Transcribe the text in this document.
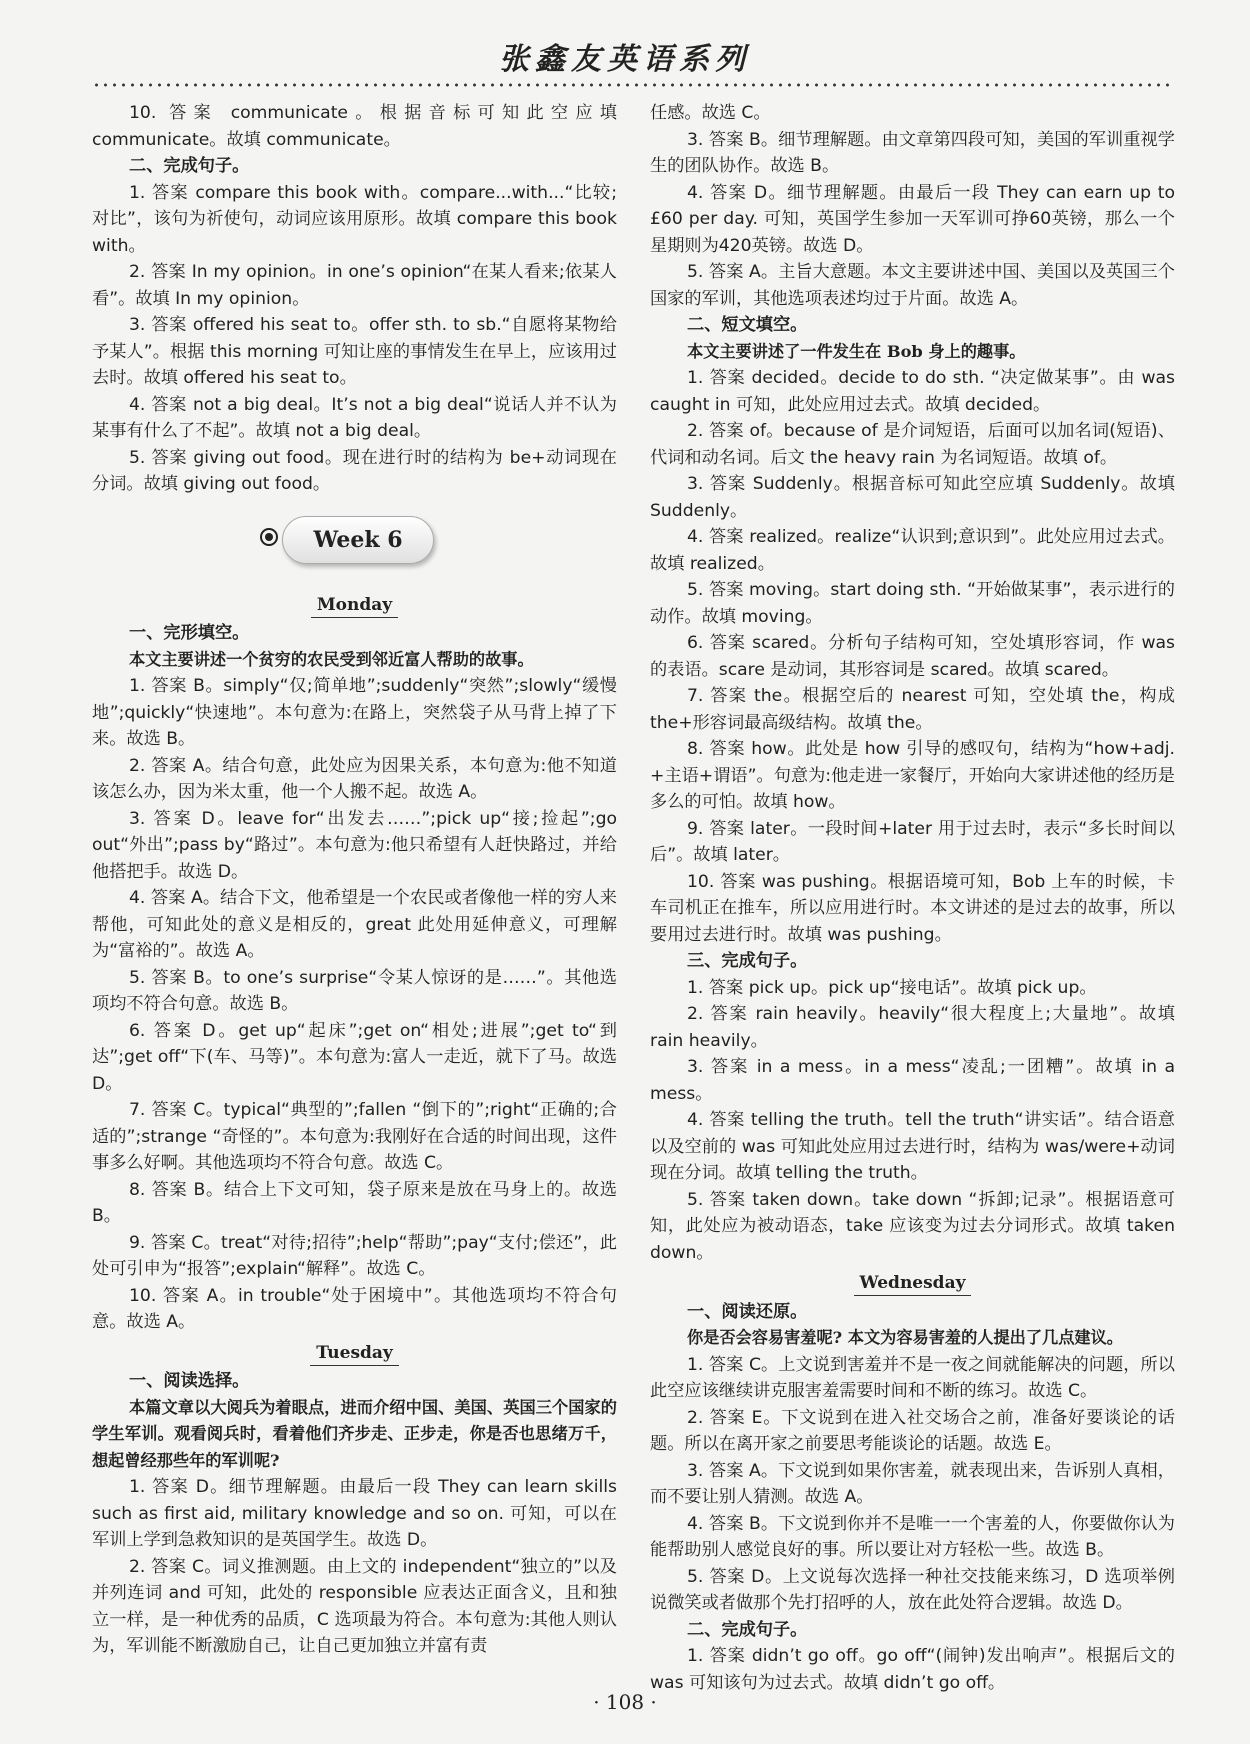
张鑫友英语系列

10. 答案 communicate。根据音标可知此空应填 communicate。故填 communicate。

二、完成句子。

1. 答案 compare this book with。compare...with...“比较;对比”，该句为祈使句，动词应该用原形。故填 compare this book with。

2. 答案 In my opinion。in one’s opinion“在某人看来;依某人看”。故填 In my opinion。

3. 答案 offered his seat to。offer sth. to sb.“自愿将某物给予某人”。根据 this morning 可知让座的事情发生在早上，应该用过去时。故填 offered his seat to。

4. 答案 not a big deal。It’s not a big deal“说话人并不认为某事有什么了不起”。故填 not a big deal。

5. 答案 giving out food。现在进行时的结构为 be+动词现在分词。故填 giving out food。

Week 6
Monday

一、完形填空。

本文主要讲述一个贫穷的农民受到邻近富人帮助的故事。

1. 答案 B。simply“仅;简单地”;suddenly“突然”;slowly“缓慢地”;quickly“快速地”。本句意为:在路上，突然袋子从马背上掉了下来。故选 B。

2. 答案 A。结合句意，此处应为因果关系，本句意为:他不知道该怎么办，因为米太重，他一个人搬不起。故选 A。

3. 答案 D。leave for“出发去……”;pick up“接;捡起”;go out“外出”;pass by“路过”。本句意为:他只希望有人赶快路过，并给他搭把手。故选 D。

4. 答案 A。结合下文，他希望是一个农民或者像他一样的穷人来帮他，可知此处的意义是相反的，great 此处用延伸意义，可理解为“富裕的”。故选 A。

5. 答案 B。to one’s surprise“令某人惊讶的是……”。其他选项均不符合句意。故选 B。

6. 答案 D。get up“起床”;get on“相处;进展”;get to“到达”;get off“下(车、马等)”。本句意为:富人一走近，就下了马。故选 D。

7. 答案 C。typical“典型的”;fallen “倒下的”;right“正确的;合适的”;strange “奇怪的”。本句意为:我刚好在合适的时间出现，这件事多么好啊。其他选项均不符合句意。故选 C。

8. 答案 B。结合上下文可知，袋子原来是放在马身上的。故选 B。

9. 答案 C。treat“对待;招待”;help“帮助”;pay“支付;偿还”，此处可引申为“报答”;explain“解释”。故选 C。

10. 答案 A。in trouble“处于困境中”。其他选项均不符合句意。故选 A。

Tuesday

一、阅读选择。

本篇文章以大阅兵为着眼点，进而介绍中国、美国、英国三个国家的学生军训。观看阅兵时，看着他们齐步走、正步走，你是否也思绪万千，想起曾经那些年的军训呢?

1. 答案 D。细节理解题。由最后一段 They can learn skills such as first aid, military knowledge and so on. 可知，可以在军训上学到急救知识的是英国学生。故选 D。

2. 答案 C。词义推测题。由上文的 independent“独立的”以及并列连词 and 可知，此处的 responsible 应表达正面含义，且和独立一样，是一种优秀的品质，C 选项最为符合。本句意为:其他人则认为，军训能不断激励自己，让自己更加独立并富有责

任感。故选 C。

3. 答案 B。细节理解题。由文章第四段可知，美国的军训重视学生的团队协作。故选 B。

4. 答案 D。细节理解题。由最后一段 They can earn up to £60 per day. 可知，英国学生参加一天军训可挣60英镑，那么一个星期则为420英镑。故选 D。

5. 答案 A。主旨大意题。本文主要讲述中国、美国以及英国三个国家的军训，其他选项表述均过于片面。故选 A。

二、短文填空。

本文主要讲述了一件发生在 Bob 身上的趣事。

1. 答案 decided。decide to do sth. “决定做某事”。由 was caught in 可知，此处应用过去式。故填 decided。

2. 答案 of。because of 是介词短语，后面可以加名词(短语)、代词和动名词。后文 the heavy rain 为名词短语。故填 of。

3. 答案 Suddenly。根据音标可知此空应填 Suddenly。故填 Suddenly。

4. 答案 realized。realize“认识到;意识到”。此处应用过去式。故填 realized。

5. 答案 moving。start doing sth. “开始做某事”，表示进行的动作。故填 moving。

6. 答案 scared。分析句子结构可知，空处填形容词，作 was 的表语。scare 是动词，其形容词是 scared。故填 scared。

7. 答案 the。根据空后的 nearest 可知，空处填 the，构成 the+形容词最高级结构。故填 the。

8. 答案 how。此处是 how 引导的感叹句，结构为“how+adj. +主语+谓语”。句意为:他走进一家餐厅，开始向大家讲述他的经历是多么的可怕。故填 how。

9. 答案 later。一段时间+later 用于过去时，表示“多长时间以后”。故填 later。

10. 答案 was pushing。根据语境可知，Bob 上车的时候，卡车司机正在推车，所以应用进行时。本文讲述的是过去的故事，所以要用过去进行时。故填 was pushing。

三、完成句子。

1. 答案 pick up。pick up“接电话”。故填 pick up。

2. 答案 rain heavily。heavily“很大程度上;大量地”。故填 rain heavily。

3. 答案 in a mess。in a mess“凌乱;一团糟”。故填 in a mess。

4. 答案 telling the truth。tell the truth“讲实话”。结合语意以及空前的 was 可知此处应用过去进行时，结构为 was/were+动词现在分词。故填 telling the truth。

5. 答案 taken down。take down “拆卸;记录”。根据语意可知，此处应为被动语态，take 应该变为过去分词形式。故填 taken down。

Wednesday

一、阅读还原。

你是否会容易害羞呢? 本文为容易害羞的人提出了几点建议。

1. 答案 C。上文说到害羞并不是一夜之间就能解决的问题，所以此空应该继续讲克服害羞需要时间和不断的练习。故选 C。

2. 答案 E。下文说到在进入社交场合之前，准备好要谈论的话题。所以在离开家之前要思考能谈论的话题。故选 E。

3. 答案 A。下文说到如果你害羞，就表现出来，告诉别人真相，而不要让别人猜测。故选 A。

4. 答案 B。下文说到你并不是唯一一个害羞的人，你要做你认为能帮助别人感觉良好的事。所以要让对方轻松一些。故选 B。

5. 答案 D。上文说每次选择一种社交技能来练习，D 选项举例说微笑或者做那个先打招呼的人，放在此处符合逻辑。故选 D。

二、完成句子。

1. 答案 didn’t go off。go off“(闹钟)发出响声”。根据后文的 was 可知该句为过去式。故填 didn’t go off。

· 108 ·
